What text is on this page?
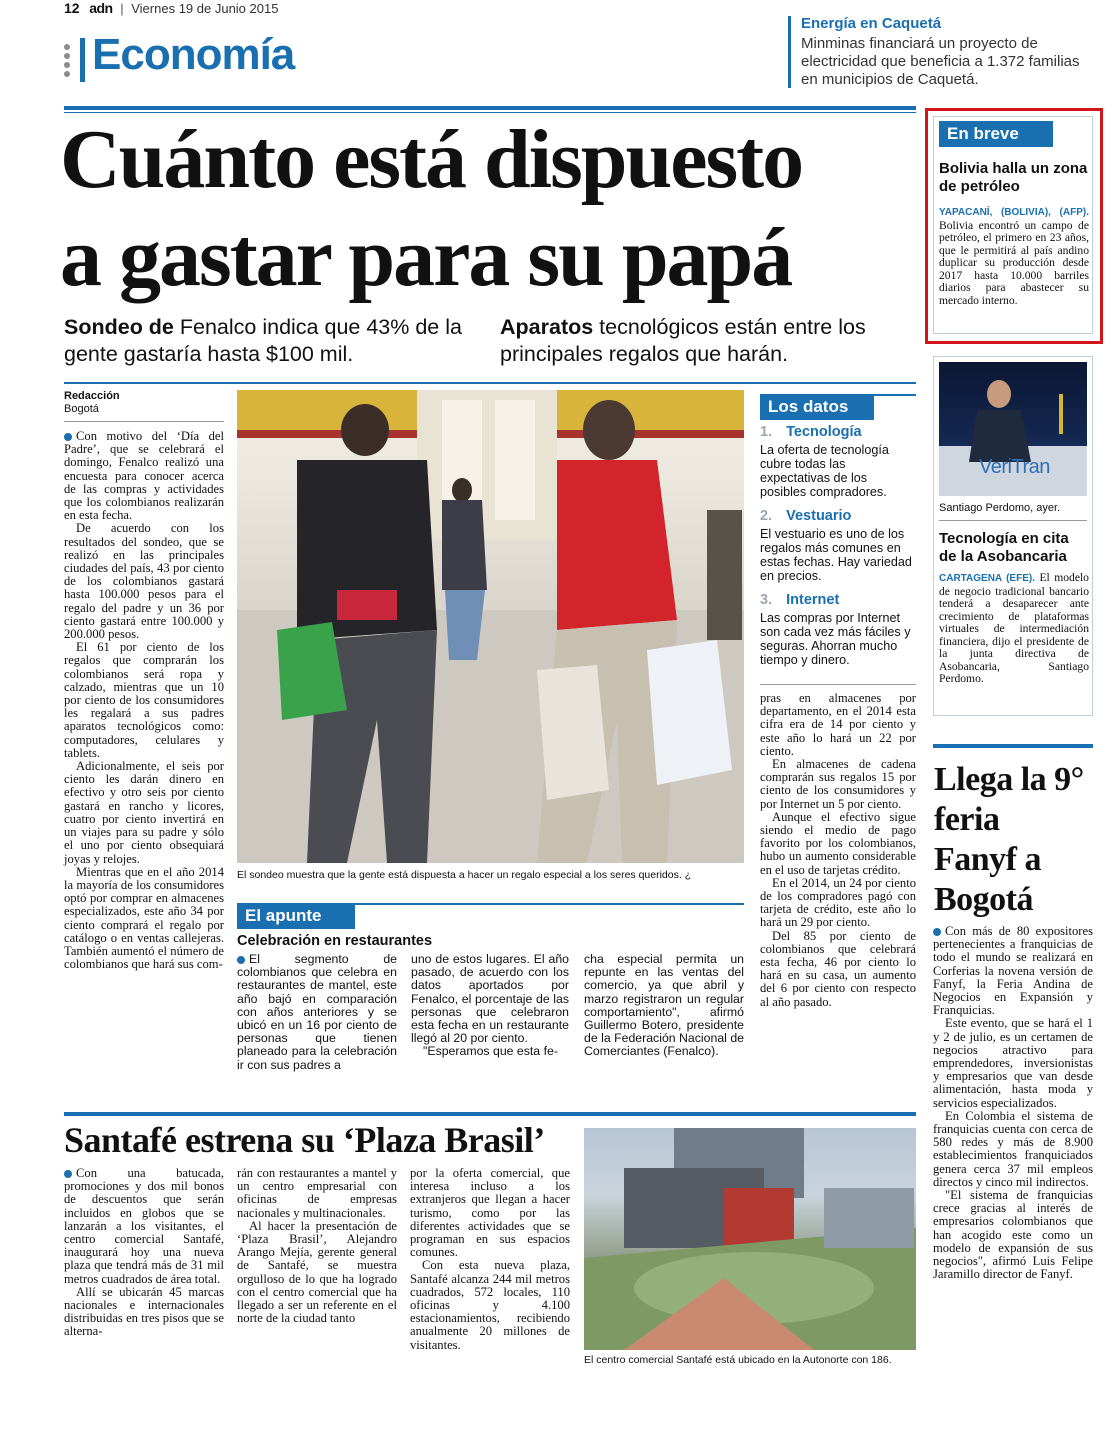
12 adn | Viernes 19 de Junio 2015
Economía
Energía en Caquetá
Minminas financiará un proyecto de electricidad que beneficia a 1.372 familias en municipios de Caquetá.
Cuánto está dispuesto
a gastar para su papá
Sondeo de Fenalco indica que 43% de la gente gastaría hasta $100 mil.
Aparatos tecnológicos están entre los principales regalos que harán.
Redacción
Bogotá

Con motivo del ‘Día del Padre’, que se celebrará el domingo, Fenalco realizó una encuesta para conocer acerca de las compras y actividades que los colombianos realizarán en esta fecha.

De acuerdo con los resultados del sondeo, que se realizó en las principales ciudades del país, 43 por ciento de los colombianos gastará hasta 100.000 pesos para el regalo del padre y un 36 por ciento gastará entre 100.000 y 200.000 pesos.

El 61 por ciento de los regalos que comprarán los colombianos será ropa y calzado, mientras que un 10 por ciento de los consumidores les regalará a sus padres aparatos tecnológicos como: computadores, celulares y tablets.

Adicionalmente, el seis por ciento les darán dinero en efectivo y otro seis por ciento gastará en rancho y licores, cuatro por ciento invertirá en un viajes para su padre y sólo el uno por ciento obsequiará joyas y relojes.

Mientras que en el año 2014 la mayoría de los consumidores optó por comprar en almacenes especializados, este año 34 por ciento comprará el regalo por catálogo o en ventas callejeras. También aumentó el número de colombianos que hará sus com-

El sondeo muestra que la gente está dispuesta a hacer un regalo especial a los seres queridos. ¿
Los datos
1. Tecnología
La oferta de tecnología cubre todas las expectativas de los posibles compradores.
2. Vestuario
El vestuario es uno de los regalos más comunes en estas fechas. Hay variedad en precios.
3. Internet
Las compras por Internet son cada vez más fáciles y seguras. Ahorran mucho tiempo y dinero.

pras en almacenes por departamento, en el 2014 esta cifra era de 14 por ciento y este año lo hará un 22 por ciento.

En almacenes de cadena comprarán sus regalos 15 por ciento de los consumidores y por Internet un 5 por ciento.

Aunque el efectivo sigue siendo el medio de pago favorito por los colombianos, hubo un aumento considerable en el uso de tarjetas crédito.

En el 2014, un 24 por ciento de los compradores pagó con tarjeta de crédito, este año lo hará un 29 por ciento.

Del 85 por ciento de colombianos que celebrará esta fecha, 46 por ciento lo hará en su casa, un aumento del 6 por ciento con respecto al año pasado.

El apunte
Celebración en restaurantes
El segmento de colombianos que celebra en restaurantes de mantel, este año bajó en comparación con años anteriores y se ubicó en un 16 por ciento de personas que tienen planeado para la celebración ir con sus padres a

uno de estos lugares. El año pasado, de acuerdo con los datos aportados por Fenalco, el porcentaje de las personas que celebraron esta fecha en un restaurante llegó al 20 por ciento.

"Esperamos que esta fe-

cha especial permita un repunte en las ventas del comercio, ya que abril y marzo registraron un regular comportamiento", afirmó Guillermo Botero, presidente de la Federación Nacional de Comerciantes (Fenalco).

En breve
Bolivia halla un zona de petróleo
YAPACANÍ, (BOLIVIA), (AFP). Bolivia encontró un campo de petróleo, el primero en 23 años, que le permitirá al país andino duplicar su producción desde 2017 hasta 10.000 barriles diarios para abastecer su mercado interno.
VeriTran
Santiago Perdomo, ayer.
Tecnología en cita de la Asobancaria
CARTAGENA (EFE). El modelo de negocio tradicional bancario tenderá a desaparecer ante crecimiento de plataformas virtuales de intermediación financiera, dijo el presidente de la junta directiva de Asobancaria, Santiago Perdomo.
Llega la 9° feria Fanyf a Bogotá

Con más de 80 expositores pertenecientes a franquicias de todo el mundo se realizará en Corferias la novena versión de Fanyf, la Feria Andina de Negocios en Expansión y Franquicias.

Este evento, que se hará el 1 y 2 de julio, es un certamen de negocios atractivo para emprendedores, inversionistas y empresarios que van desde alimentación, hasta moda y servicios especializados.

En Colombia el sistema de franquicias cuenta con cerca de 580 redes y más de 8.900 establecimientos franquiciados genera cerca 37 mil empleos directos y cinco mil indirectos.

"El sistema de franquicias crece gracias al interés de empresarios colombianos que han acogido este como un modelo de expansión de sus negocios", afirmó Luis Felipe Jaramillo director de Fanyf.

Santafé estrena su ‘Plaza Brasil’

Con una batucada, promociones y dos mil bonos de descuentos que serán incluidos en globos que se lanzarán a los visitantes, el centro comercial Santafé, inaugurará hoy una nueva plaza que tendrá más de 31 mil metros cuadrados de área total.

Allí se ubicarán 45 marcas nacionales e internacionales distribuidas en tres pisos que se alterna-

rán con restaurantes a mantel y un centro empresarial con oficinas de empresas nacionales y multinacionales.

Al hacer la presentación de ‘Plaza Brasil’, Alejandro Arango Mejía, gerente general de Santafé, se muestra orgulloso de lo que ha logrado con el centro comercial que ha llegado a ser un referente en el norte de la ciudad tanto

por la oferta comercial, que interesa incluso a los extranjeros que llegan a hacer turismo, como por las diferentes actividades que se programan en sus espacios comunes.

Con esta nueva plaza, Santafé alcanza 244 mil metros cuadrados, 572 locales, 110 oficinas y 4.100 estacionamientos, recibiendo anualmente 20 millones de visitantes.

El centro comercial Santafé está ubicado en la Autonorte con 186.
